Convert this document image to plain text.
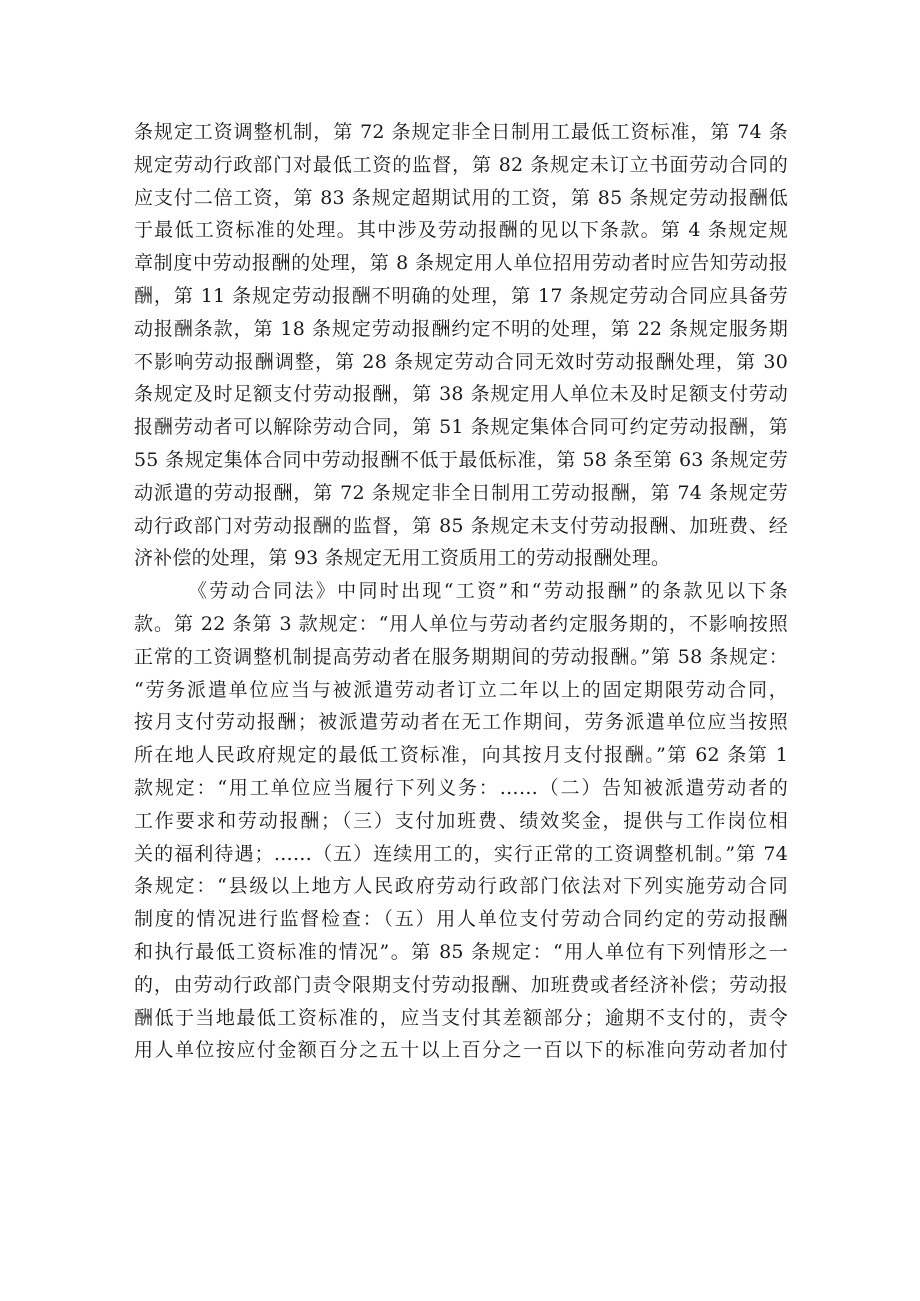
条规定工资调整机制，第 72 条规定非全日制用工最低工资标准，第 74 条
规定劳动行政部门对最低工资的监督，第 82 条规定未订立书面劳动合同的
应支付二倍工资，第 83 条规定超期试用的工资，第 85 条规定劳动报酬低
于最低工资标准的处理。其中涉及劳动报酬的见以下条款。第 4 条规定规
章制度中劳动报酬的处理，第 8 条规定用人单位招用劳动者时应告知劳动报
酬，第 11 条规定劳动报酬不明确的处理，第 17 条规定劳动合同应具备劳
动报酬条款，第 18 条规定劳动报酬约定不明的处理，第 22 条规定服务期
不影响劳动报酬调整，第 28 条规定劳动合同无效时劳动报酬处理，第 30
条规定及时足额支付劳动报酬，第 38 条规定用人单位未及时足额支付劳动
报酬劳动者可以解除劳动合同，第 51 条规定集体合同可约定劳动报酬，第
55 条规定集体合同中劳动报酬不低于最低标准，第 58 条至第 63 条规定劳
动派遣的劳动报酬，第 72 条规定非全日制用工劳动报酬，第 74 条规定劳
动行政部门对劳动报酬的监督，第 85 条规定未支付劳动报酬、加班费、经
济补偿的处理，第 93 条规定无用工资质用工的劳动报酬处理。
《劳动合同法》中同时出现“工资”和“劳动报酬”的条款见以下条
款。第 22 条第 3 款规定：“用人单位与劳动者约定服务期的，不影响按照
正常的工资调整机制提高劳动者在服务期期间的劳动报酬。”第 58 条规定：
“劳务派遣单位应当与被派遣劳动者订立二年以上的固定期限劳动合同，
按月支付劳动报酬；被派遣劳动者在无工作期间，劳务派遣单位应当按照
所在地人民政府规定的最低工资标准，向其按月支付报酬。”第 62 条第 1
款规定：“用工单位应当履行下列义务：……（二）告知被派遣劳动者的
工作要求和劳动报酬；（三）支付加班费、绩效奖金，提供与工作岗位相
关的福利待遇；……（五）连续用工的，实行正常的工资调整机制。”第 74
条规定：“县级以上地方人民政府劳动行政部门依法对下列实施劳动合同
制度的情况进行监督检查：（五）用人单位支付劳动合同约定的劳动报酬
和执行最低工资标准的情况”。第 85 条规定：“用人单位有下列情形之一
的，由劳动行政部门责令限期支付劳动报酬、加班费或者经济补偿；劳动报
酬低于当地最低工资标准的，应当支付其差额部分；逾期不支付的，责令
用人单位按应付金额百分之五十以上百分之一百以下的标准向劳动者加付
